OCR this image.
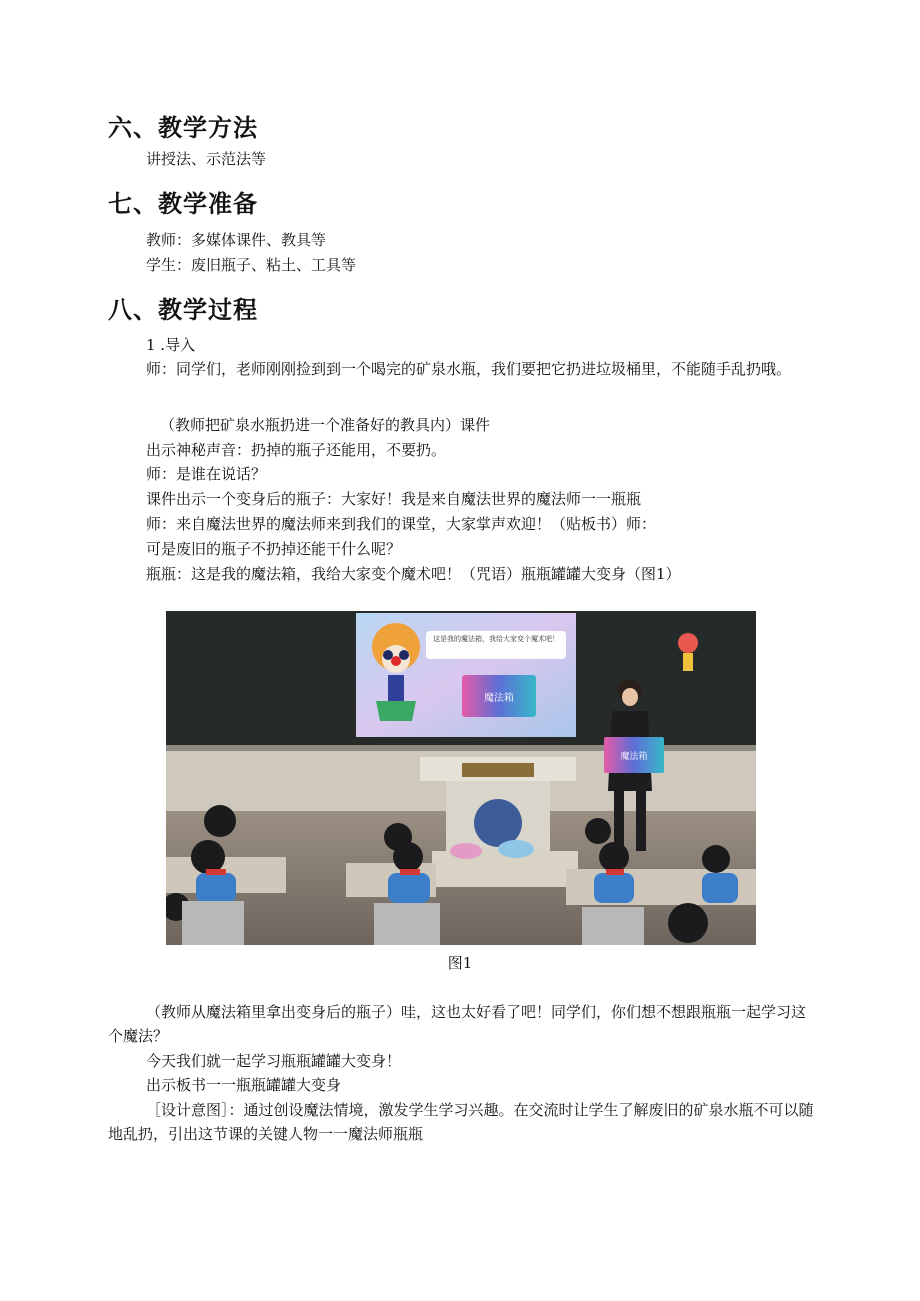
六、教学方法

讲授法、示范法等

七、教学准备

教师：多媒体课件、教具等

学生：废旧瓶子、粘土、工具等

八、教学过程

1 .导入

师：同学们，老师刚刚捡到到一个喝完的矿泉水瓶，我们要把它扔进垃圾桶里，不能随手乱扔哦。

（教师把矿泉水瓶扔进一个准备好的教具内）课件

出示神秘声音：扔掉的瓶子还能用，不要扔。

师：是谁在说话？

课件出示一个变身后的瓶子：大家好！我是来自魔法世界的魔法师一一瓶瓶

师：来自魔法世界的魔法师来到我们的课堂，大家掌声欢迎！（贴板书）师：

可是废旧的瓶子不扔掉还能干什么呢？

瓶瓶：这是我的魔法箱，我给大家变个魔术吧！（咒语）瓶瓶罐罐大变身（图1）

这是我的魔法箱，我给大家变个魔术吧！
魔法箱
魔法箱
图1

（教师从魔法箱里拿出变身后的瓶子）哇，这也太好看了吧！同学们，你们想不想跟瓶瓶一起学习这个魔法？

今天我们就一起学习瓶瓶罐罐大变身！

出示板书一一瓶瓶罐罐大变身

［设计意图］：通过创设魔法情境，激发学生学习兴趣。在交流时让学生了解废旧的矿泉水瓶不可以随地乱扔，引出这节课的关键人物一一魔法师瓶瓶
